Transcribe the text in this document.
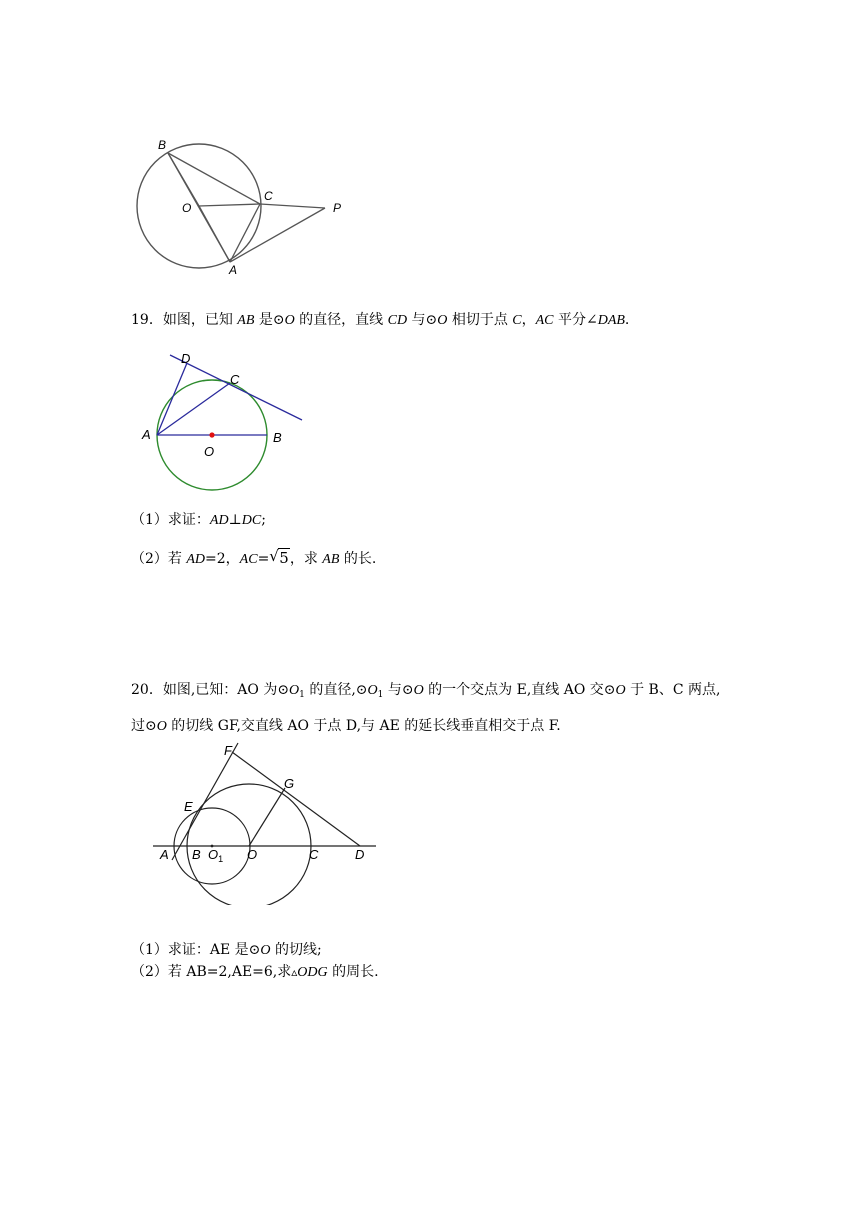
B
O
C
P
A
19．如图，已知 AB 是⊙O 的直径，直线 CD 与⊙O 相切于点 C，AC 平分∠DAB.
D
C
A
O
B
（1）求证：AD⊥DC;
（2）若 AD=2，AC= √ 5，求 AB 的长.
20．如图,已知：AO 为$⊙O_1$ 的直径$,⊙O_1$ 与⊙O 的一个交点为 E,直线 AO 交⊙O 于 B、C 两点,
过⊙O 的切线 GF,交直线 AO 于点 D,与 AE 的延长线垂直相交于点 F.
F
G
E
A B $O_1$ O	C	D
（1）求证：AE 是⊙O 的切线;
（2）若 AB=2,AE=6,求▵ODG 的周长.
